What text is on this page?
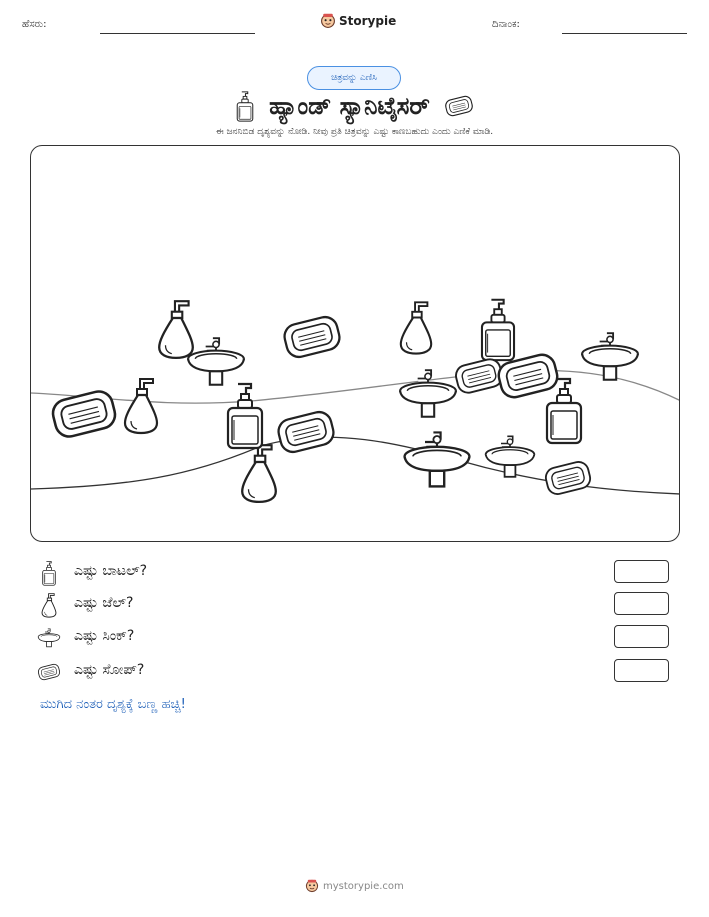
ಹೆಸರು:	Storypie	ದಿನಾಂಕ:
ಚಿತ್ರವನ್ನು ಎಣಿಸಿ
ಹ್ಯಾಂಡ್ ಸ್ಯಾನಿಟೈಸರ್
ಈ ಜನನಿಬಿಡ ದೃಶ್ಯವನ್ನು ನೋಡಿ. ನೀವು ಪ್ರತಿ ಚಿತ್ರವನ್ನು ಎಷ್ಟು ಕಾಣಬಹುದು ಎಂದು ಎಣಿಕೆ ಮಾಡಿ.
ಎಷ್ಟು ಬಾಟಲ್?
ಎಷ್ಟು ಜೆಲ್?
ಎಷ್ಟು ಸಿಂಕ್?
ಎಷ್ಟು ಸೋಪ್?
ಮುಗಿದ ನಂತರ ದೃಶ್ಯಕ್ಕೆ ಬಣ್ಣ ಹಚ್ಚಿ!
mystorypie.com
